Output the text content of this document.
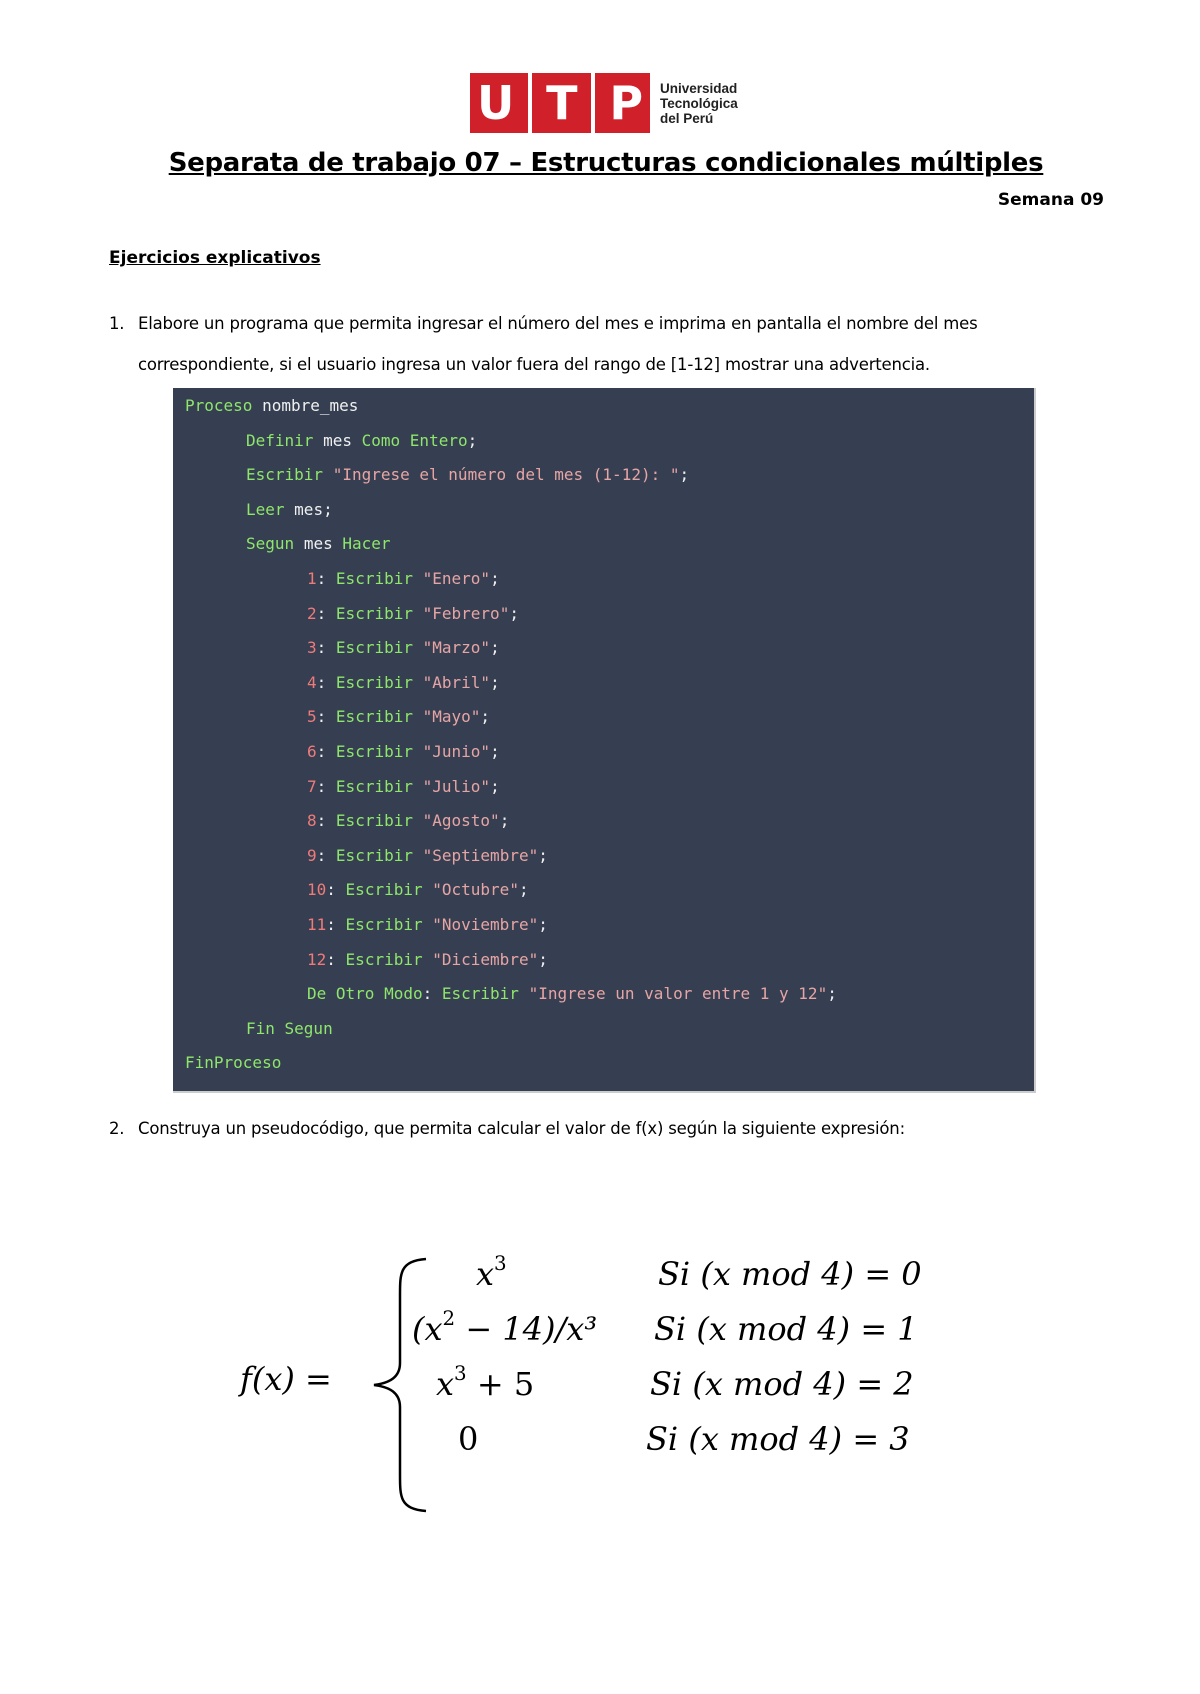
U T P Universidad
Tecnológica
del Perú
Separata de trabajo 07 – Estructuras condicionales múltiples
Semana 09
Ejercicios explicativos
1. Elabore un programa que permita ingresar el número del mes e imprima en pantalla el nombre del mes
correspondiente, si el usuario ingresa un valor fuera del rango de [1-12] mostrar una advertencia.
Proceso nombre_mes
Definir mes Como Entero;
Escribir "Ingrese el número del mes (1-12): ";
Leer mes;
Segun mes Hacer
1: Escribir "Enero";
2: Escribir "Febrero";
3: Escribir "Marzo";
4: Escribir "Abril";
5: Escribir "Mayo";
6: Escribir "Junio";
7: Escribir "Julio";
8: Escribir "Agosto";
9: Escribir "Septiembre";
10: Escribir "Octubre";
11: Escribir "Noviembre";
12: Escribir "Diciembre";
De Otro Modo: Escribir "Ingrese un valor entre 1 y 12";
Fin Segun
FinProceso
2. Construya un pseudocódigo, que permita calcular el valor de f(x) según la siguiente expresión:
f(x) =
$x^3$	Si (x mod 4) = 0
$(x^2 - 14)/x^3$ Si (x mod 4) = 1
$x^3 + 5$	Si (x mod 4) = 2
0	Si (x mod 4) = 3
